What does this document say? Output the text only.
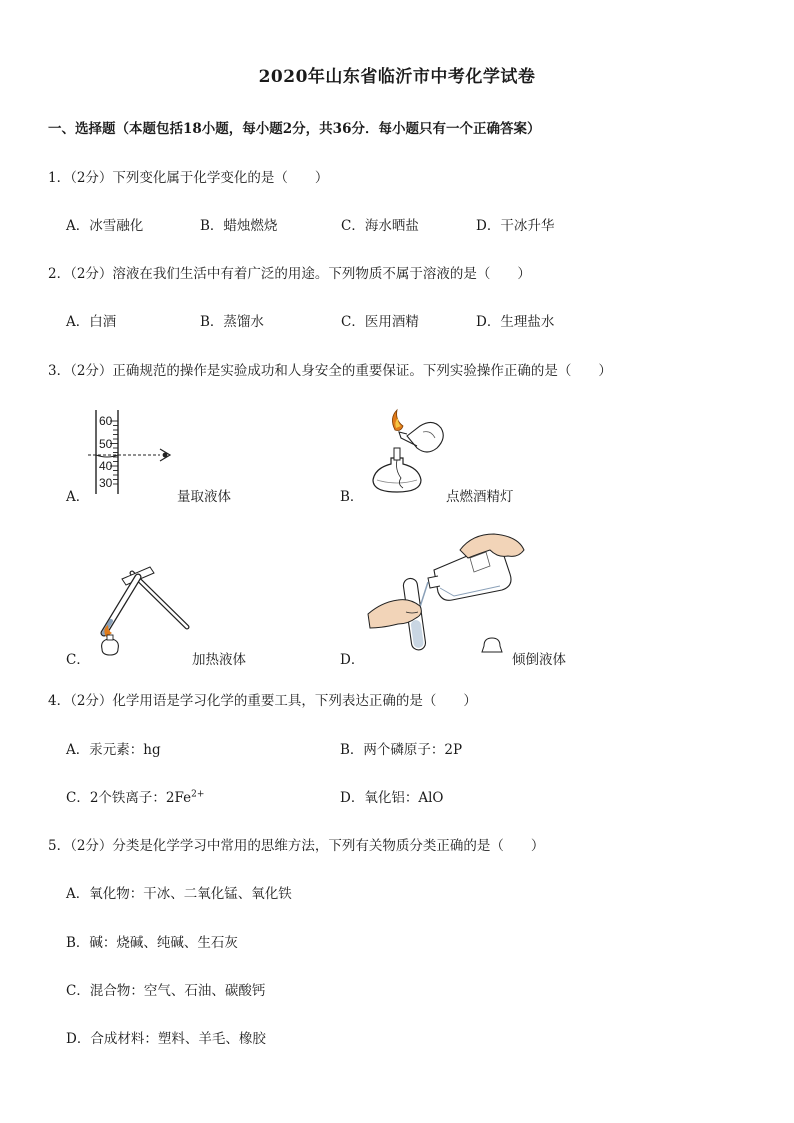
2020年山东省临沂市中考化学试卷
一、选择题（本题包括18小题，每小题2分，共36分．每小题只有一个正确答案）
1．（2分）下列变化属于化学变化的是（　　）
A．冰雪融化	B．蜡烛燃烧	C．海水晒盐	D．干冰升华
2．（2分）溶液在我们生活中有着广泛的用途。下列物质不属于溶液的是（　　）
A．白酒	B．蒸馏水	C．医用酒精	D．生理盐水
3．（2分）正确规范的操作是实验成功和人身安全的重要保证。下列实验操作正确的是（　　）
A．
60
50
40
30
量取液体	B．	点燃酒精灯
C．	加热液体	D．	倾倒液体
4．（2分）化学用语是学习化学的重要工具，下列表达正确的是（　　）
A．汞元素：hg	B．两个磷原子：2P
C．2个铁离子：$2Fe^{2+}$	D．氧化铝：AlO
5．（2分）分类是化学学习中常用的思维方法，下列有关物质分类正确的是（　　）
A．氧化物：干冰、二氧化锰、氧化铁
B．碱：烧碱、纯碱、生石灰
C．混合物：空气、石油、碳酸钙
D．合成材料：塑料、羊毛、橡胶
